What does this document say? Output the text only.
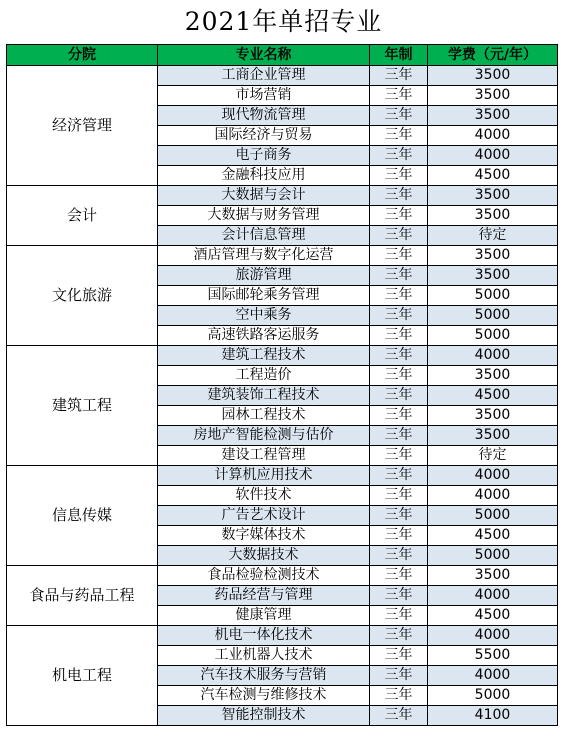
2021年单招专业
分院	专业名称	年制	学费（元/年）
经济管理	工商企业管理	三年	3500
	市场营销	三年	3500
	现代物流管理	三年	3500
	国际经济与贸易	三年	4000
	电子商务	三年	4000
	金融科技应用	三年	4500
会计	大数据与会计	三年	3500
	大数据与财务管理	三年	3500
	会计信息管理	三年	待定
文化旅游	酒店管理与数字化运营	三年	3500
	旅游管理	三年	3500
	国际邮轮乘务管理	三年	5000
	空中乘务	三年	5000
	高速铁路客运服务	三年	5000
建筑工程	建筑工程技术	三年	4000
	工程造价	三年	3500
	建筑装饰工程技术	三年	4500
	园林工程技术	三年	3500
	房地产智能检测与估价	三年	3500
	建设工程管理	三年	待定
信息传媒	计算机应用技术	三年	4000
	软件技术	三年	4000
	广告艺术设计	三年	5000
	数字媒体技术	三年	4500
	大数据技术	三年	5000
食品与药品工程	食品检验检测技术	三年	3500
	药品经营与管理	三年	4000
	健康管理	三年	4500
机电工程	机电一体化技术	三年	4000
	工业机器人技术	三年	5500
	汽车技术服务与营销	三年	4000
	汽车检测与维修技术	三年	5000
	智能控制技术	三年	4100
